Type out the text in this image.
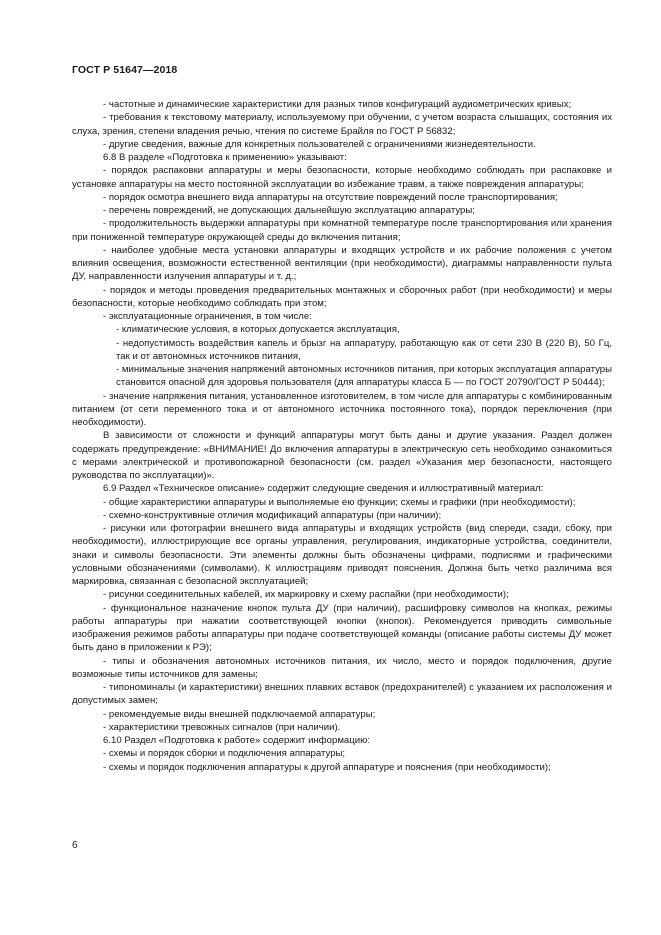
ГОСТ Р 51647—2018

- частотные и динамические характеристики для разных типов конфигураций аудиометрических кривых;

- требования к текстовому материалу, используемому при обучении, с учетом возраста слышащих, состояния их слуха, зрения, степени владения речью, чтения по системе Брайля по ГОСТ Р 56832;

- другие сведения, важные для конкретных пользователей с ограничениями жизнедеятельности.

6.8 В разделе «Подготовка к применению» указывают:

- порядок распаковки аппаратуры и меры безопасности, которые необходимо соблюдать при распаковке и установке аппаратуры на место постоянной эксплуатации во избежание травм, а также повреждения аппаратуры;

- порядок осмотра внешнего вида аппаратуры на отсутствие повреждений после транспортирования;

- перечень повреждений, не допускающих дальнейшую эксплуатацию аппаратуры;

- продолжительность выдержки аппаратуры при комнатной температуре после транспортирования или хранения при пониженной температуре окружающей среды до включения питания;

- наиболее удобные места установки аппаратуры и входящих устройств и их рабочие положения с учетом влияния освещения, возможности естественной вентиляции (при необходимости), диаграммы направленности пульта ДУ, направленности излучения аппаратуры и т. д.;

- порядок и методы проведения предварительных монтажных и сборочных работ (при необходимости) и меры безопасности, которые необходимо соблюдать при этом;

- эксплуатационные ограничения, в том числе:

- климатические условия, в которых допускается эксплуатация,

- недопустимость воздействия капель и брызг на аппаратуру, работающую как от сети 230 В (220 В), 50 Гц, так и от автономных источников питания,

- минимальные значения напряжений автономных источников питания, при которых эксплуатация аппаратуры становится опасной для здоровья пользователя (для аппаратуры класса Б — по ГОСТ 20790/ГОСТ Р 50444);

- значение напряжения питания, установленное изготовителем, в том числе для аппаратуры с комбинированным питанием (от сети переменного тока и от автономного источника постоянного тока), порядок переключения (при необходимости).

В зависимости от сложности и функций аппаратуры могут быть даны и другие указания. Раздел должен содержать предупреждение: «ВНИМАНИЕ! До включения аппаратуры в электрическую сеть необходимо ознакомиться с мерами электрической и противопожарной безопасности (см. раздел «Указания мер безопасности, настоящего руководства по эксплуатации)».

6.9 Раздел «Техническое описание» содержит следующие сведения и иллюстративный материал:

- общие характеристики аппаратуры и выполняемые ею функции; схемы и графики (при необходимости);

- схемно-конструктивные отличия модификаций аппаратуры (при наличии);

- рисунки или фотографии внешнего вида аппаратуры и входящих устройств (вид спереди, сзади, сбоку, при необходимости), иллюстрирующие все органы управления, регулирования, индикаторные устройства, соединители, знаки и символы безопасности. Эти элементы должны быть обозначены цифрами, подписями и графическими условными обозначениями (символами). К иллюстрациям приводят пояснения. Должна быть четко различима вся маркировка, связанная с безопасной эксплуатацией;

- рисунки соединительных кабелей, их маркировку и схему распайки (при необходимости);

- функциональное назначение кнопок пульта ДУ (при наличии), расшифровку символов на кнопках, режимы работы аппаратуры при нажатии соответствующей кнопки (кнопок). Рекомендуется приводить символьные изображения режимов работы аппаратуры при подаче соответствующей команды (описание работы системы ДУ может быть дано в приложении к РЭ);

- типы и обозначения автономных источников питания, их число, место и порядок подключения, другие возможные типы источников для замены;

- типономиналы (и характеристики) внешних плавких вставок (предохранителей) с указанием их расположения и допустимых замен;

- рекомендуемые виды внешней подключаемой аппаратуры;

- характеристики тревожных сигналов (при наличии).

6.10 Раздел «Подготовка к работе» содержит информацию:

- схемы и порядок сборки и подключения аппаратуры;

- схемы и порядок подключения аппаратуры к другой аппаратуре и пояснения (при необходимости);

6
